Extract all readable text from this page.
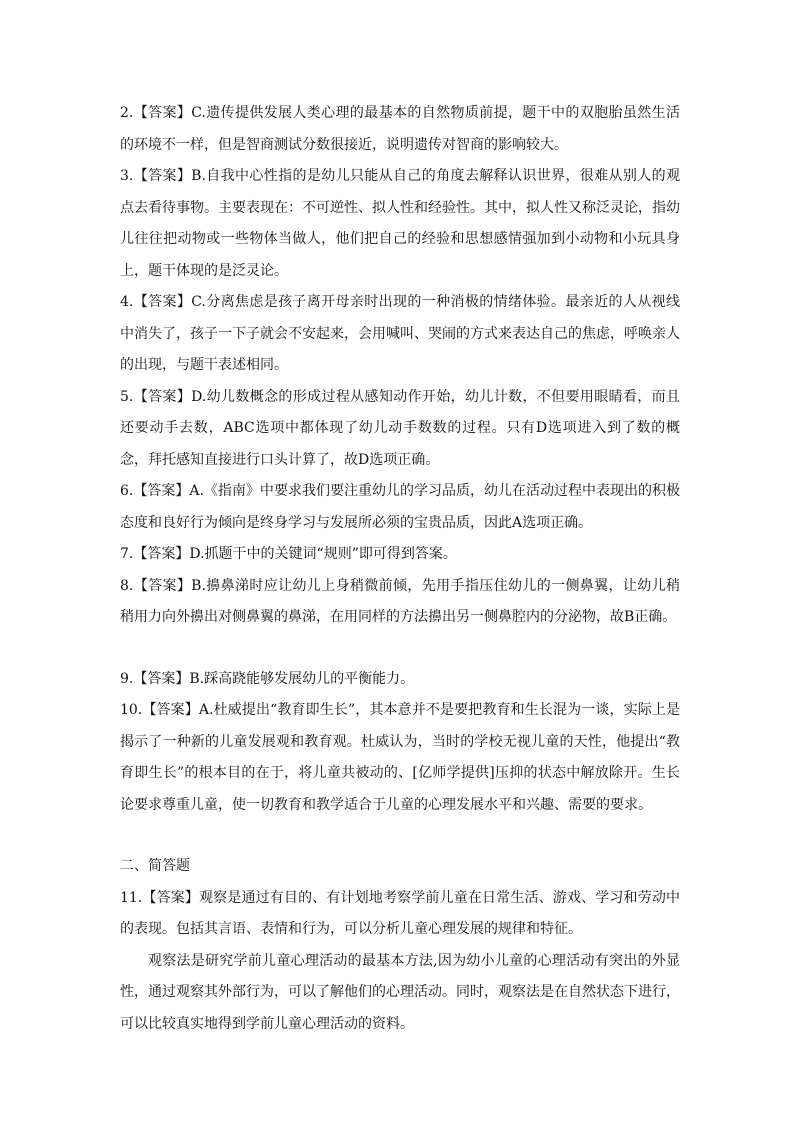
2.【答案】C.遗传提供发展人类心理的最基本的自然物质前提，题干中的双胞胎虽然生活的环境不一样，但是智商测试分数很接近，说明遗传对智商的影响较大。

3.【答案】B.自我中心性指的是幼儿只能从自己的角度去解释认识世界，很难从别人的观点去看待事物。主要表现在：不可逆性、拟人性和经验性。其中，拟人性又称泛灵论，指幼儿往往把动物或一些物体当做人，他们把自己的经验和思想感情强加到小动物和小玩具身上，题干体现的是泛灵论。

4.【答案】C.分离焦虑是孩子离开母亲时出现的一种消极的情绪体验。最亲近的人从视线中消失了，孩子一下子就会不安起来，会用喊叫、哭闹的方式来表达自己的焦虑，呼唤亲人的出现，与题干表述相同。

5.【答案】D.幼儿数概念的形成过程从感知动作开始，幼儿计数，不但要用眼睛看，而且还要动手去数，ABC选项中都体现了幼儿动手数数的过程。只有D选项进入到了数的概念，拜托感知直接进行口头计算了，故D选项正确。

6.【答案】A.《指南》中要求我们要注重幼儿的学习品质，幼儿在活动过程中表现出的积极态度和良好行为倾向是终身学习与发展所必须的宝贵品质，因此A选项正确。

7.【答案】D.抓题干中的关键词“规则”即可得到答案。

8.【答案】B.擤鼻涕时应让幼儿上身稍微前倾，先用手指压住幼儿的一侧鼻翼，让幼儿稍稍用力向外擤出对侧鼻翼的鼻涕，在用同样的方法擤出另一侧鼻腔内的分泌物，故B正确。

9.【答案】B.踩高跷能够发展幼儿的平衡能力。

10.【答案】A.杜威提出“教育即生长”，其本意并不是要把教育和生长混为一谈，实际上是揭示了一种新的儿童发展观和教育观。杜威认为，当时的学校无视儿童的天性，他提出“教育即生长”的根本目的在于，将儿童共被动的、[亿师学提供]压抑的状态中解放除开。生长论要求尊重儿童，使一切教育和教学适合于儿童的心理发展水平和兴趣、需要的要求。

二、简答题

11.【答案】观察是通过有目的、有计划地考察学前儿童在日常生活、游戏、学习和劳动中的表现。包括其言语、表情和行为，可以分析儿童心理发展的规律和特征。

观察法是研究学前儿童心理活动的最基本方法,因为幼小儿童的心理活动有突出的外显性，通过观察其外部行为，可以了解他们的心理活动。同时，观察法是在自然状态下进行，可以比较真实地得到学前儿童心理活动的资料。
